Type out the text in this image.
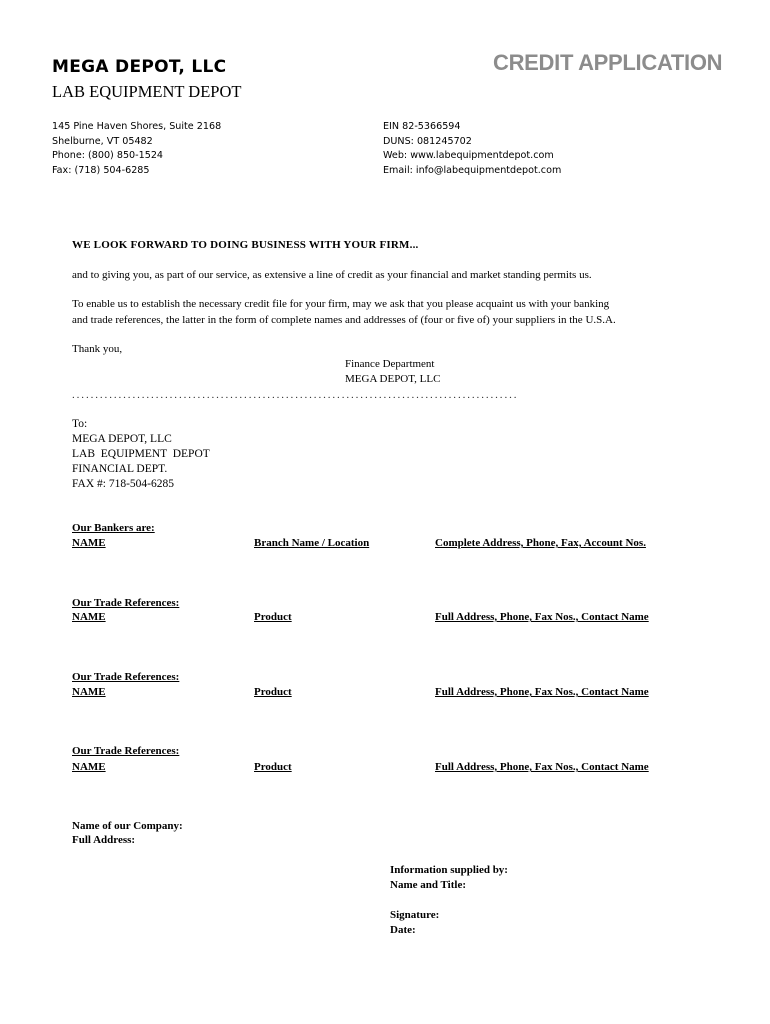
MEGA DEPOT, LLC
LAB EQUIPMENT DEPOT
CREDIT APPLICATION
145 Pine Haven Shores, Suite 2168
Shelburne, VT 05482
Phone: (800) 850-1524
Fax: (718) 504-6285
EIN 82-5366594
DUNS: 081245702
Web: www.labequipmentdepot.com
Email: info@labequipmentdepot.com
WE LOOK FORWARD TO DOING BUSINESS WITH YOUR FIRM...
and to giving you, as part of our service, as extensive a line of credit as your financial and market standing permits us.
To enable us to establish the necessary credit file for your firm, may we ask that you please acquaint us with your banking
and trade references, the latter in the form of complete names and addresses of (four or five of) your suppliers in the U.S.A.
Thank you,
Finance Department
MEGA DEPOT, LLC
................................................................................................
To:
MEGA DEPOT, LLC
LAB  EQUIPMENT  DEPOT
FINANCIAL DEPT.
FAX #: 718-504-6285
Our Bankers are:
NAME	Branch Name / Location	Complete Address, Phone, Fax, Account Nos.
Our Trade References:
NAME	Product	Full Address, Phone, Fax Nos., Contact Name
Our Trade References:
NAME	Product	Full Address, Phone, Fax Nos., Contact Name
Our Trade References:
NAME	Product	Full Address, Phone, Fax Nos., Contact Name
Name of our Company:
Full Address:
Information supplied by:
Name and Title:
Signature:
Date:
